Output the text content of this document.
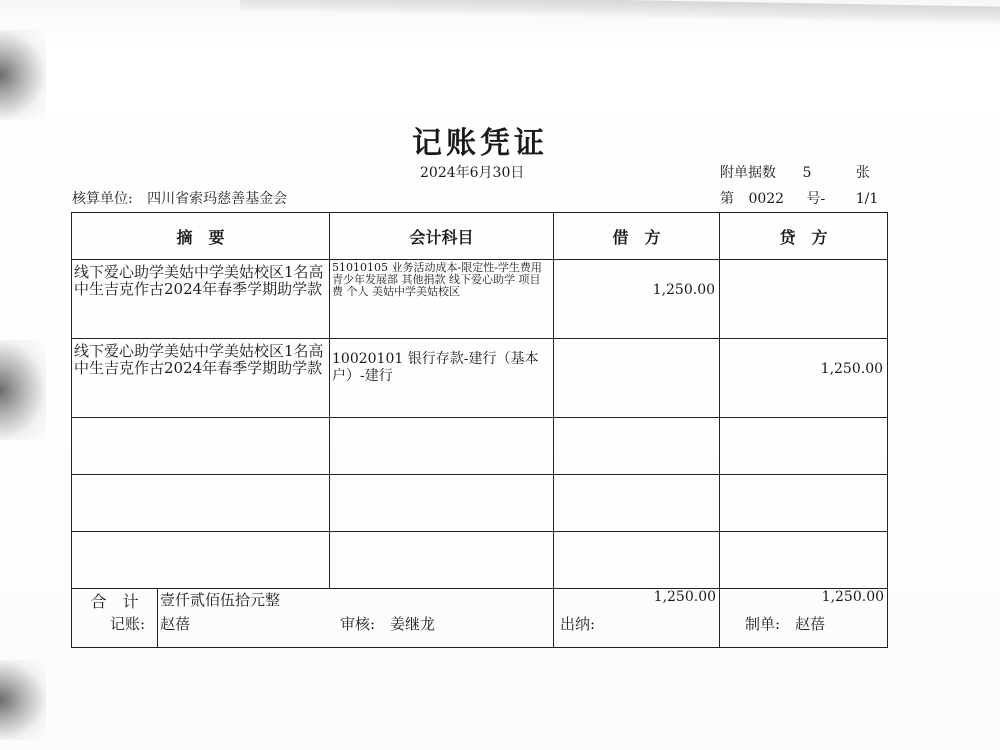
记账凭证
2024年6月30日	附单据数 5	张
核算单位: 四川省索玛慈善基金会	第 0022 号- 1/1
摘　要		会计科目	借　方	贷　方
线下爱心助学美姑中学美姑校区1名高中生吉克作古2024年春季学期助学款		51010105 业务活动成本-限定性-学生费用 青少年发展部 其他捐款 线下爱心助学 项目费 个人 美姑中学美姑校区	1,250.00	
线下爱心助学美姑中学美姑校区1名高中生吉克作古2024年春季学期助学款		10020101 银行存款-建行（基本户）-建行		1,250.00

合　计	壹仟贰佰伍拾元整		1,250.00	1,250.00
记账:　赵蓓	审核:　姜继龙	出纳:	制单:　赵蓓
